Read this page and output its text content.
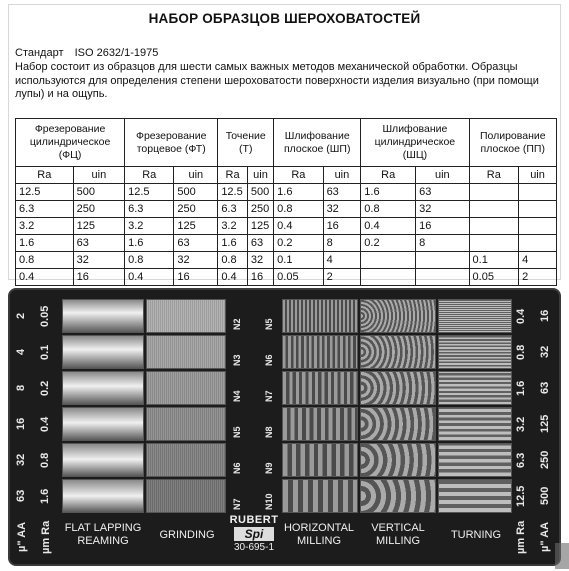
НАБОР ОБРАЗЦОВ ШЕРОХОВАТОСТЕЙ
Стандарт ISO 2632/1-1975
Набор состоит из образцов для шести самых важных методов механической обработки. Образцы используются для определения степени шероховатости поверхности изделия визуально (при помощи лупы) и на ощупь.
Фрезерование цилиндрическое (ФЦ)		Фрезерование торцевое (ФТ)		Точение (Т)		Шлифование плоское (ШП)		Шлифование цилиндрическое (ШЦ)		Полирование плоское (ПП)	
Ra	uin	Ra	uin	Ra	uin	Ra	uin	Ra	uin	Ra	uin
12.5	500	12.5	500	12.5	500	1.6	63	1.6	63		
6.3	250	6.3	250	6.3	250	0.8	32	0.8	32		
3.2	125	3.2	125	3.2	125	0.4	16	0.4	16		
1.6	63	1.6	63	1.6	63	0.2	8	0.2	8		
0.8	32	0.8	32	0.8	32	0.1	4			0.1	4
0.4	16	0.4	16	0.4	16	0.05	2			0.05	2
2
4
8
16
32
63
0.05
0.1
0.2
0.4
0.8
1.6
µ" AA µm Ra
N2
N3
N4
N5
N6
N7
N5
N6
N7
N8
N9
N10
0.4
0.8
1.6
3.2
6.3
12.5
16
32
63
125
250
500
µm Ra µ" AA
FLAT LAPPING
REAMING	GRINDING
RUBERT
Spi
30-695-1
HORIZONTAL
MILLING
VERTICAL
MILLING	TURNING
